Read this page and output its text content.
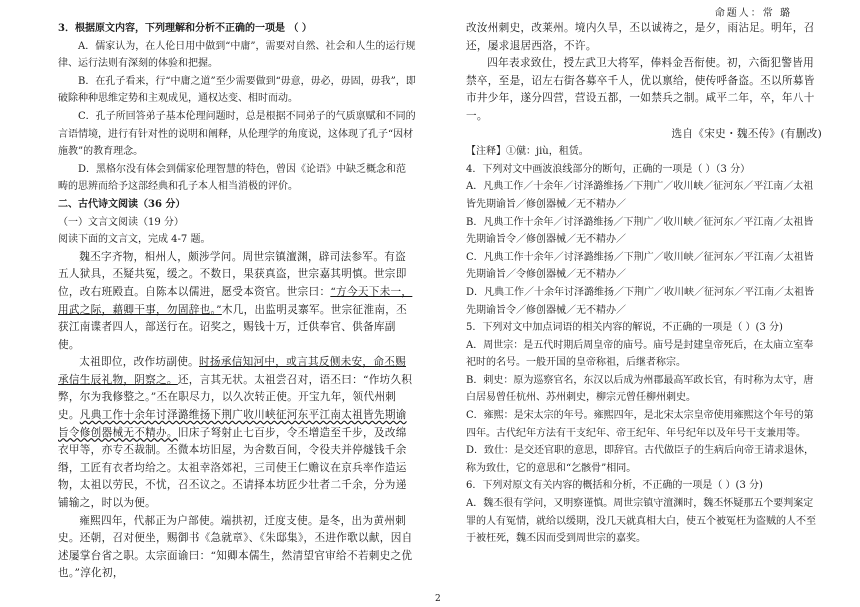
命题人：常 璐

3．根据原文内容，下列理解和分析不正确的一项是 （ ）

A．儒家认为，在人伦日用中做到“中庸”，需要对自然、社会和人生的运行规律、运行法则有深刻的体验和把握。

B．在孔子看来，行“中庸之道”至少需要做到“毋意，毋必，毋固，毋我”，即破除种种思维定势和主观成见，通权达变、相时而动。

C．孔子所回答弟子基本伦理问题时，总是根据不同弟子的气质禀赋和不同的言语情境，进行有针对性的说明和阐释，从伦理学的角度说，这体现了孔子“因材施教”的教育理念。

D．黑格尔没有体会到儒家伦理智慧的特色，曾因《论语》中缺乏概念和范畴的思辨而给予这部经典和孔子本人相当消极的评价。

二、古代诗文阅读（36 分）

（一）文言文阅读（19 分）

阅读下面的文言文，完成 4-7 题。

魏丕字齐物，相州人，颇涉学问。周世宗镇澶渊，辟司法参军。有盗五人狱具，丕疑共冤，缓之。不数日，果获真盗，世宗嘉其明慎。世宗即位，改右班殿直。自陈本以儒进，愿受本资官。世宗曰：“方今天下未一，用武之际，藉卿干事，勿固辞也。”木几，出监明灵寨军。世宗征淮南，丕获江南谍者四人，部送行在。诏奖之，赐钱十万，迁供奉官、供备库副使。

太祖即位，改作坊副使。时扬承信知河中，或言其反侧未安，命丕赐承信生辰礼物，阴察之。还，言其无状。太祖尝召对，语丕曰：“作坊久积弊，尔为我修整之。”丕在职尽力，以久次转正使。开宝九年，领代州刺史。凡典工作十余年讨泽潞维扬下荆广收川峡征河东平江南太祖皆先期谕旨令修创器械无不精办。旧床子弩射止七百步，令丕增造至千步，及改绵衣甲等，亦专丕裁制。丕微本坊旧屋，为舍数百间，令役夫并停燧钱千余缗，工匠有衣者均给之。太祖幸洛郊祀，三司使王仁赡议在京兵率作造运物，太祖以劳民，不忧，召丕议之。丕请择本坊匠少壮者二千余，分为递铺输之，时以为便。

雍熙四年，代郝正为户部使。端拱初，迁度支使。是冬，出为黄州刺史。还朝，召对便坐，赐御书《急就章》、《朱邸集》，丕进作歌以献，因自述屡掌台省之职。太宗面谕曰：“知卿本儒生，然清望官审给不若刺史之优也。”淳化初，

改汝州刺史，改莱州。境内久旱，丕以诚祷之，是夕，雨沾足。明年，召还，屡求退居西洛，不许。

四年表求致仕，授左武卫大将军，俸料金吾衔使。初，六衙犯警皆用禁卒，至是，诏左右街各募卒千人，优以禀给，使传呼备盗。丕以所募皆市井少年，遂分四营，营设五都，一如禁兵之制。咸平二年，卒，年八十一。

选自《宋史・魏丕传》(有删改)

【注释】①僦：jiù，租赁。

4．下列对文中画波浪线部分的断句，正确的一项是（ ）（3 分）

A．凡典工作／十余年／讨泽潞维扬／下荆广／收川峡／征河东／平江南／太祖皆先期谕旨／修创器械／无不精办／

B．凡典工作十余年／讨泽潞维扬／下荆广／收川峡／征河东／平江南／太祖皆先期谕旨令／修创器械／无不精办／

C．凡典工作十余年／讨泽潞维扬／下荆广／收川峡／征河东／平江南／太祖皆先期谕旨／令修创器械／无不精办／

D．凡典工作／十余年讨泽潞维扬／下荆广／收川峡／征河东／平江南／太祖皆先期谕旨令／修创器械／无不精办／

5．下列对文中加点词语的相关内容的解说，不正确的一项是（ ）(3 分)

A．周世宗：是五代时期后周皇帝的庙号。庙号是封建皇帝死后，在太庙立室奉祀时的名号。一般开国的皇帝称祖，后继者称宗。

B．刺史：原为巡察官名，东汉以后成为州郡最高军政长官，有时称为太守，唐白居易曾任杭州、苏州刺史，柳宗元曾任柳州刺史。

C．雍熙：是宋太宗的年号。雍熙四年，是北宋太宗皇帝使用雍熙这个年号的第四年。古代纪年方法有干支纪年、帝王纪年、年号纪年以及年号干支兼用等。

D．致仕：是交还官职的意思，即辞官。古代做臣子的生病后向帝王请求退休，称为致仕，它的意思和“乞骸骨”相同。

6．下列对原文有关内容的概括和分析，不正确的一项是（ ）(3 分)

A．魏丕很有学问，又明察谨慎。周世宗镇守澶渊时，魏丕怀疑那五个要判案定罪的人有冤情，就给以缓期，没几天就真相大白，使五个被冤枉为盗贼的人不至于被枉死，魏丕因而受到周世宗的嘉奖。

2
